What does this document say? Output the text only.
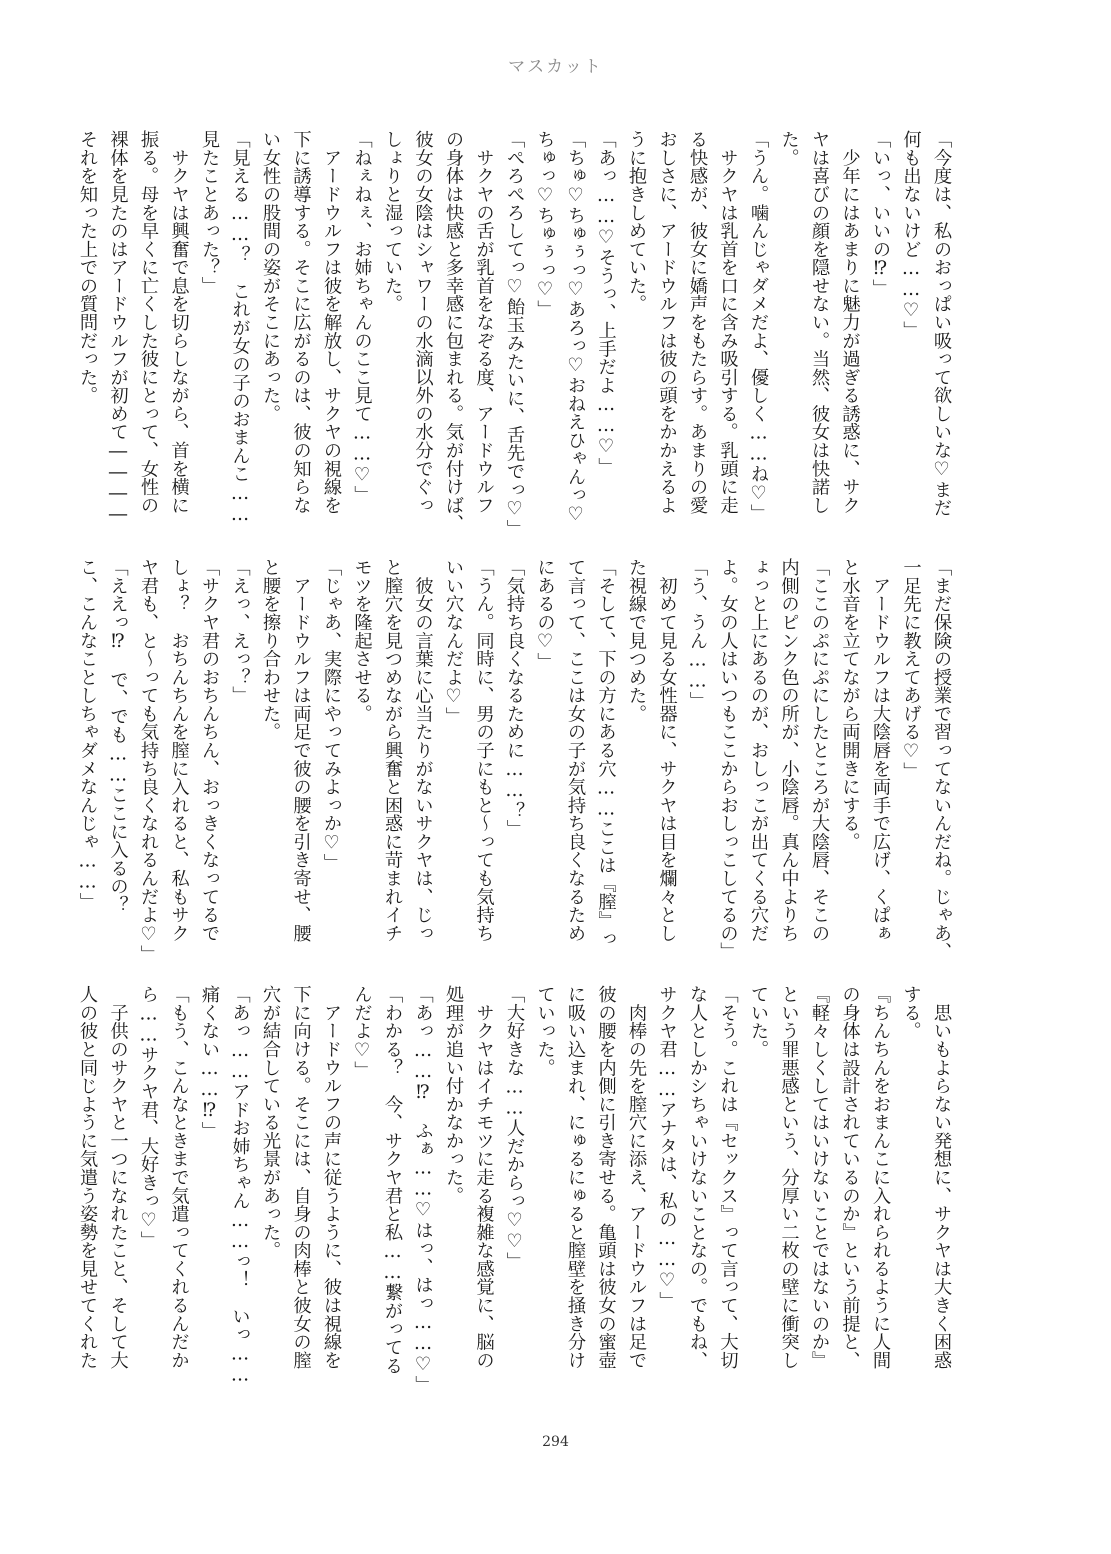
マスカット
「今度は、私のおっぱい吸って欲しいな♡まだ
何も出ないけど……♡」
「いっ、いいの⁉」
　少年にはあまりに魅力が過ぎる誘惑に、サク
ヤは喜びの顔を隠せない。当然、彼女は快諾し
た。
「うん。噛んじゃダメだよ、優しく……ね♡」
　サクヤは乳首を口に含み吸引する。乳頭に走
る快感が、彼女に嬌声をもたらす。あまりの愛
おしさに、アードウルフは彼の頭をかかえるよ
うに抱きしめていた。
「あっ……♡そうっ、上手だよ……♡」
「ちゅ♡ちゅぅっ♡あろっ♡おねえひゃんっ♡
ちゅっ♡ちゅぅっ♡」
「ぺろぺろしてっ♡飴玉みたいに、舌先でっ♡」
　サクヤの舌が乳首をなぞる度、アードウルフ
の身体は快感と多幸感に包まれる。気が付けば、
彼女の女陰はシャワーの水滴以外の水分でぐっ
しょりと湿っていた。
「ねぇねぇ、お姉ちゃんのここ見て……♡」
　アードウルフは彼を解放し、サクヤの視線を
下に誘導する。そこに広がるのは、彼の知らな
い女性の股間の姿がそこにあった。
「見える……？　これが女の子のおまんこ……
見たことあった？」
　サクヤは興奮で息を切らしながら、首を横に
振る。母を早くに亡くした彼にとって、女性の
裸体を見たのはアードウルフが初めて――――
それを知った上での質問だった。
「まだ保険の授業で習ってないんだね。じゃあ、
一足先に教えてあげる♡」
　アードウルフは大陰唇を両手で広げ、くぱぁ
と水音を立てながら両開きにする。
「ここのぷにぷにしたところが大陰唇、そこの
内側のピンク色の所が、小陰唇。真ん中よりち
ょっと上にあるのが、おしっこが出てくる穴だ
よ。女の人はいつもここからおしっこしてるの」
「う、うん……」
　初めて見る女性器に、サクヤは目を爛々とし
た視線で見つめた。
「そして、下の方にある穴……ここは『膣』っ
て言って、ここは女の子が気持ち良くなるため
にあるの♡」
「気持ち良くなるために……？」
「うん。同時に、男の子にもと～っても気持ち
いい穴なんだよ♡」
　彼女の言葉に心当たりがないサクヤは、じっ
と膣穴を見つめながら興奮と困惑に苛まれイチ
モツを隆起させる。
「じゃあ、実際にやってみよっか♡」
　アードウルフは両足で彼の腰を引き寄せ、腰
と腰を擦り合わせた。
「えっ、えっ？」
「サクヤ君のおちんちん、おっきくなってるで
しょ？　おちんちんを膣に入れると、私もサク
ヤ君も、と～っても気持ち良くなれるんだよ♡」
「ええっ⁉　で、でも……ここに入るの？
こ、こんなことしちゃダメなんじゃ……」
　思いもよらない発想に、サクヤは大きく困惑
する。
『ちんちんをおまんこに入れられるように人間
の身体は設計されているのか』という前提と、
『軽々しくしてはいけないことではないのか』
という罪悪感という、分厚い二枚の壁に衝突し
ていた。
「そう。これは『セックス』って言って、大切
な人としかシちゃいけないことなの。でもね、
サクヤ君……アナタは、私の……♡」
　肉棒の先を膣穴に添え、アードウルフは足で
彼の腰を内側に引き寄せる。亀頭は彼女の蜜壺
に吸い込まれ、にゅるにゅると膣壁を掻き分け
ていった。
「大好きな……人だからっ♡♡」
　サクヤはイチモツに走る複雑な感覚に、脳の
処理が追い付かなかった。
「あっ……⁉　ふぁ……♡はっ、はっ……♡」
「わかる？　今、サクヤ君と私……繋がってる
んだよ♡」
　アードウルフの声に従うように、彼は視線を
下に向ける。そこには、自身の肉棒と彼女の膣
穴が結合している光景があった。
「あっ……アドお姉ちゃん……っ！　いっ……
痛くない……⁉」
「もう、こんなときまで気遣ってくれるんだか
ら……サクヤ君、大好きっ♡」
　子供のサクヤと一つになれたこと、そして大
人の彼と同じように気遣う姿勢を見せてくれた
294
